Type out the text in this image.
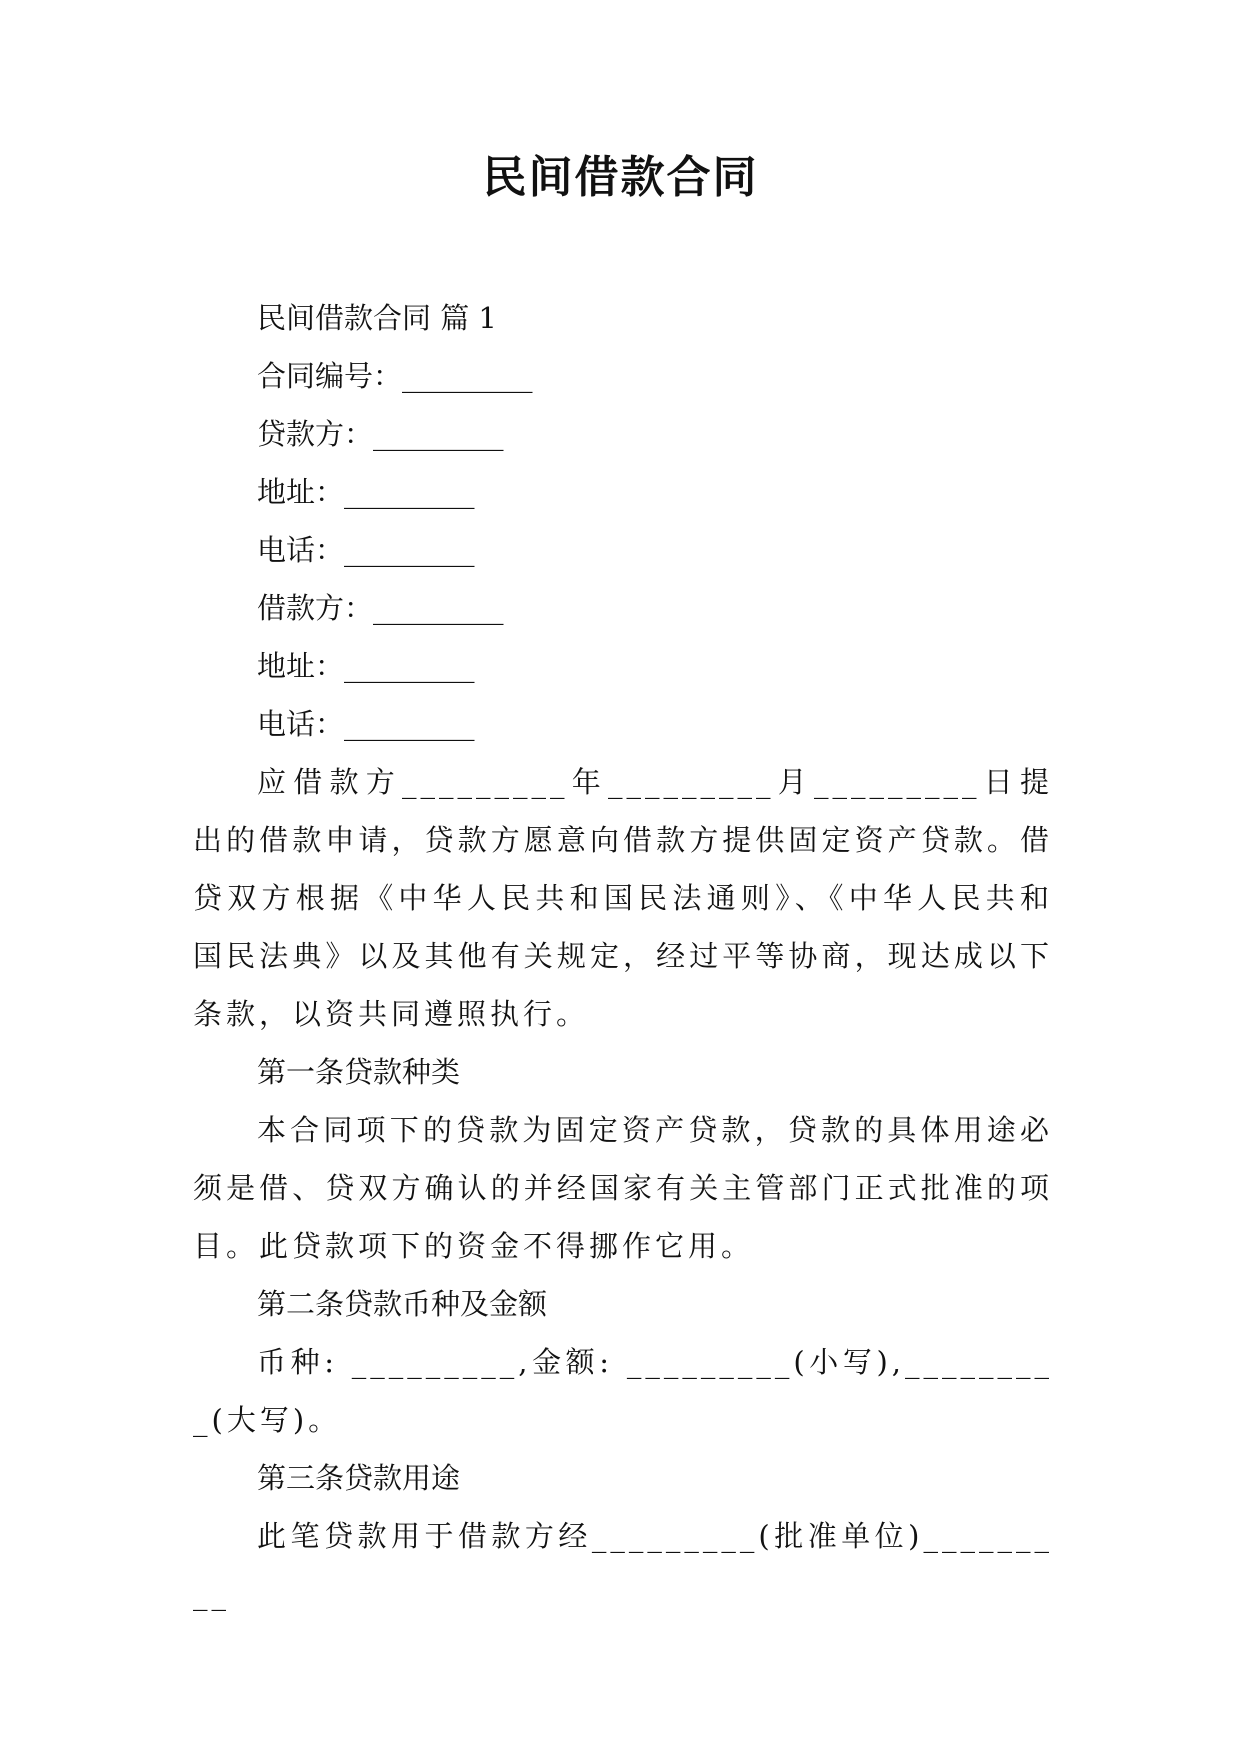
民间借款合同

民间借款合同 篇 1

合同编号：_________

贷款方：_________

地址：_________

电话：_________

借款方：_________

地址：_________

电话：_________

应借款方_________年_________月_________日提出的借款申请，贷款方愿意向借款方提供固定资产贷款。借贷双方根据《中华人民共和国民法通则》、《中华人民共和国民法典》以及其他有关规定，经过平等协商，现达成以下条款，以资共同遵照执行。

第一条贷款种类

本合同项下的贷款为固定资产贷款，贷款的具体用途必须是借、贷双方确认的并经国家有关主管部门正式批准的项目。此贷款项下的资金不得挪作它用。

第二条贷款币种及金额

币种: _________,金额: _________(小写),_________(大写)。

第三条贷款用途

此笔贷款用于借款方经_________(批准单位)_________
